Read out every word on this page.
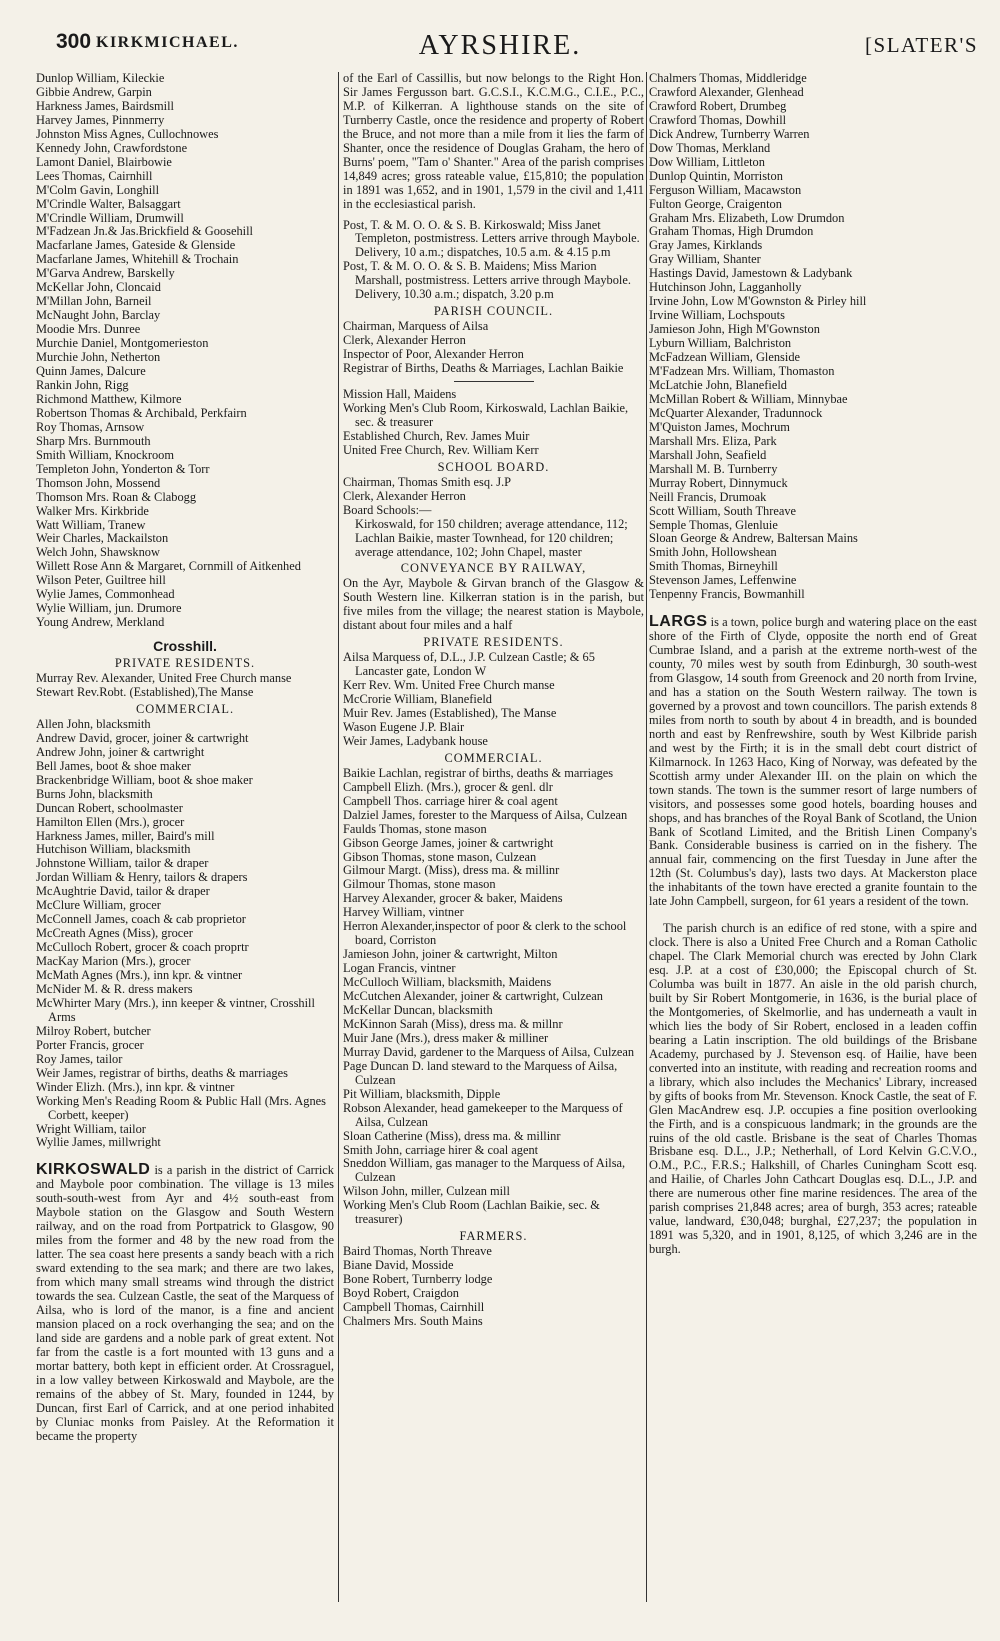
300 KIRKMICHAEL.	AYRSHIRE.	[SLATER'S
Dunlop William, Kileckie
Gibbie Andrew, Garpin
Harkness James, Bairdsmill
Harvey James, Pinnmerry
Johnston Miss Agnes, Cullochnowes
Kennedy John, Crawfordstone
Lamont Daniel, Blairbowie
Lees Thomas, Cairnhill
M'Colm Gavin, Longhill
M'Crindle Walter, Balsaggart
M'Crindle William, Drumwill
M'Fadzean Jn.& Jas.Brickfield & Goosehill
Macfarlane James, Gateside & Glenside
Macfarlane James, Whitehill & Trochain
M'Garva Andrew, Barskelly
McKellar John, Cloncaid
M'Millan John, Barneil
McNaught John, Barclay
Moodie Mrs. Dunree
Murchie Daniel, Montgomerieston
Murchie John, Netherton
Quinn James, Dalcure
Rankin John, Rigg
Richmond Matthew, Kilmore
Robertson Thomas & Archibald, Perkfairn
Roy Thomas, Arnsow
Sharp Mrs. Burnmouth
Smith William, Knockroom
Templeton John, Yonderton & Torr
Thomson John, Mossend
Thomson Mrs. Roan & Clabogg
Walker Mrs. Kirkbride
Watt William, Tranew
Weir Charles, Mackailston
Welch John, Shawsknow
Willett Rose Ann & Margaret, Cornmill of Aitkenhed
Wilson Peter, Guiltree hill
Wylie James, Commonhead
Wylie William, jun. Drumore
Young Andrew, Merkland
Crosshill.
PRIVATE RESIDENTS.
Murray Rev. Alexander, United Free Church manse
Stewart Rev.Robt. (Established),The Manse
COMMERCIAL.
Allen John, blacksmith
Andrew David, grocer, joiner & cartwright
Andrew John, joiner & cartwright
Bell James, boot & shoe maker
Brackenbridge William, boot & shoe maker
Burns John, blacksmith
Duncan Robert, schoolmaster
Hamilton Ellen (Mrs.), grocer
Harkness James, miller, Baird's mill
Hutchison William, blacksmith
Johnstone William, tailor & draper
Jordan William & Henry, tailors & drapers
McAughtrie David, tailor & draper
McClure William, grocer
McConnell James, coach & cab proprietor
McCreath Agnes (Miss), grocer
McCulloch Robert, grocer & coach proprtr
MacKay Marion (Mrs.), grocer
McMath Agnes (Mrs.), inn kpr. & vintner
McNider M. & R. dress makers
McWhirter Mary (Mrs.), inn keeper & vintner, Crosshill Arms
Milroy Robert, butcher
Porter Francis, grocer
Roy James, tailor
Weir James, registrar of births, deaths & marriages
Winder Elizh. (Mrs.), inn kpr. & vintner
Working Men's Reading Room & Public Hall (Mrs. Agnes Corbett, keeper)
Wright William, tailor
Wyllie James, millwright

KIRKOSWALD is a parish in the district of Carrick and Maybole poor combination. The village is 13 miles south-south-west from Ayr and 4½ south-east from Maybole station on the Glasgow and South Western railway, and on the road from Portpatrick to Glasgow, 90 miles from the former and 48 by the new road from the latter. The sea coast here presents a sandy beach with a rich sward extending to the sea mark; and there are two lakes, from which many small streams wind through the district towards the sea. Culzean Castle, the seat of the Marquess of Ailsa, who is lord of the manor, is a fine and ancient mansion placed on a rock overhanging the sea; and on the land side are gardens and a noble park of great extent. Not far from the castle is a fort mounted with 13 guns and a mortar battery, both kept in efficient order. At Crossraguel, in a low valley between Kirkoswald and Maybole, are the remains of the abbey of St. Mary, founded in 1244, by Duncan, first Earl of Carrick, and at one period inhabited by Cluniac monks from Paisley. At the Reformation it became the property

of the Earl of Cassillis, but now belongs to the Right Hon. Sir James Fergusson bart. G.C.S.I., K.C.M.G., C.I.E., P.C., M.P. of Kilkerran. A lighthouse stands on the site of Turnberry Castle, once the residence and property of Robert the Bruce, and not more than a mile from it lies the farm of Shanter, once the residence of Douglas Graham, the hero of Burns' poem, "Tam o' Shanter." Area of the parish comprises 14,849 acres; gross rateable value, £15,810; the population in 1891 was 1,652, and in 1901, 1,579 in the civil and 1,411 in the ecclesiastical parish.

Post, T. & M. O. O. & S. B. Kirkoswald; Miss Janet Templeton, postmistress. Letters arrive through Maybole. Delivery, 10 a.m.; dispatches, 10.5 a.m. & 4.15 p.m
Post, T. & M. O. O. & S. B. Maidens; Miss Marion Marshall, postmistress. Letters arrive through Maybole. Delivery, 10.30 a.m.; dispatch, 3.20 p.m
PARISH COUNCIL.
Chairman, Marquess of Ailsa
Clerk, Alexander Herron
Inspector of Poor, Alexander Herron
Registrar of Births, Deaths & Marriages, Lachlan Baikie
Mission Hall, Maidens
Working Men's Club Room, Kirkoswald, Lachlan Baikie, sec. & treasurer
Established Church, Rev. James Muir
United Free Church, Rev. William Kerr
SCHOOL BOARD.
Chairman, Thomas Smith esq. J.P
Clerk, Alexander Herron
Board Schools:—
Kirkoswald, for 150 children; average attendance, 112; Lachlan Baikie, master Townhead, for 120 children; average attendance, 102; John Chapel, master
CONVEYANCE BY RAILWAY,

On the Ayr, Maybole & Girvan branch of the Glasgow & South Western line. Kilkerran station is in the parish, but five miles from the village; the nearest station is Maybole, distant about four miles and a half

PRIVATE RESIDENTS.
Ailsa Marquess of, D.L., J.P. Culzean Castle; & 65 Lancaster gate, London W
Kerr Rev. Wm. United Free Church manse
McCrorie William, Blanefield
Muir Rev. James (Established), The Manse
Wason Eugene J.P. Blair
Weir James, Ladybank house
COMMERCIAL.
Baikie Lachlan, registrar of births, deaths & marriages
Campbell Elizh. (Mrs.), grocer & genl. dlr
Campbell Thos. carriage hirer & coal agent
Dalziel James, forester to the Marquess of Ailsa, Culzean
Faulds Thomas, stone mason
Gibson George James, joiner & cartwright
Gibson Thomas, stone mason, Culzean
Gilmour Margt. (Miss), dress ma. & millinr
Gilmour Thomas, stone mason
Harvey Alexander, grocer & baker, Maidens
Harvey William, vintner
Herron Alexander,inspector of poor & clerk to the school board, Corriston
Jamieson John, joiner & cartwright, Milton
Logan Francis, vintner
McCulloch William, blacksmith, Maidens
McCutchen Alexander, joiner & cartwright, Culzean
McKellar Duncan, blacksmith
McKinnon Sarah (Miss), dress ma. & millnr
Muir Jane (Mrs.), dress maker & milliner
Murray David, gardener to the Marquess of Ailsa, Culzean
Page Duncan D. land steward to the Marquess of Ailsa, Culzean
Pit William, blacksmith, Dipple
Robson Alexander, head gamekeeper to the Marquess of Ailsa, Culzean
Sloan Catherine (Miss), dress ma. & millinr
Smith John, carriage hirer & coal agent
Sneddon William, gas manager to the Marquess of Ailsa, Culzean
Wilson John, miller, Culzean mill
Working Men's Club Room (Lachlan Baikie, sec. & treasurer)
FARMERS.
Baird Thomas, North Threave
Biane David, Mosside
Bone Robert, Turnberry lodge
Boyd Robert, Craigdon
Campbell Thomas, Cairnhill
Chalmers Mrs. South Mains
Chalmers Thomas, Middleridge
Crawford Alexander, Glenhead
Crawford Robert, Drumbeg
Crawford Thomas, Dowhill
Dick Andrew, Turnberry Warren
Dow Thomas, Merkland
Dow William, Littleton
Dunlop Quintin, Morriston
Ferguson William, Macawston
Fulton George, Craigenton
Graham Mrs. Elizabeth, Low Drumdon
Graham Thomas, High Drumdon
Gray James, Kirklands
Gray William, Shanter
Hastings David, Jamestown & Ladybank
Hutchinson John, Lagganholly
Irvine John, Low M'Gownston & Pirley hill
Irvine William, Lochspouts
Jamieson John, High M'Gownston
Lyburn William, Balchriston
McFadzean William, Glenside
M'Fadzean Mrs. William, Thomaston
McLatchie John, Blanefield
McMillan Robert & William, Minnybae
McQuarter Alexander, Tradunnock
M'Quiston James, Mochrum
Marshall Mrs. Eliza, Park
Marshall John, Seafield
Marshall M. B. Turnberry
Murray Robert, Dinnymuck
Neill Francis, Drumoak
Scott William, South Threave
Semple Thomas, Glenluie
Sloan George & Andrew, Baltersan Mains
Smith John, Hollowshean
Smith Thomas, Birneyhill
Stevenson James, Leffenwine
Tenpenny Francis, Bowmanhill

LARGS is a town, police burgh and watering place on the east shore of the Firth of Clyde, opposite the north end of Great Cumbrae Island, and a parish at the extreme north-west of the county, 70 miles west by south from Edinburgh, 30 south-west from Glasgow, 14 south from Greenock and 20 north from Irvine, and has a station on the South Western railway. The town is governed by a provost and town councillors. The parish extends 8 miles from north to south by about 4 in breadth, and is bounded north and east by Renfrewshire, south by West Kilbride parish and west by the Firth; it is in the small debt court district of Kilmarnock. In 1263 Haco, King of Norway, was defeated by the Scottish army under Alexander III. on the plain on which the town stands. The town is the summer resort of large numbers of visitors, and possesses some good hotels, boarding houses and shops, and has branches of the Royal Bank of Scotland, the Union Bank of Scotland Limited, and the British Linen Company's Bank. Considerable business is carried on in the fishery. The annual fair, commencing on the first Tuesday in June after the 12th (St. Columbus's day), lasts two days. At Mackerston place the inhabitants of the town have erected a granite fountain to the late John Campbell, surgeon, for 61 years a resident of the town.

The parish church is an edifice of red stone, with a spire and clock. There is also a United Free Church and a Roman Catholic chapel. The Clark Memorial church was erected by John Clark esq. J.P. at a cost of £30,000; the Episcopal church of St. Columba was built in 1877. An aisle in the old parish church, built by Sir Robert Montgomerie, in 1636, is the burial place of the Montgomeries, of Skelmorlie, and has underneath a vault in which lies the body of Sir Robert, enclosed in a leaden coffin bearing a Latin inscription. The old buildings of the Brisbane Academy, purchased by J. Stevenson esq. of Hailie, have been converted into an institute, with reading and recreation rooms and a library, which also includes the Mechanics' Library, increased by gifts of books from Mr. Stevenson. Knock Castle, the seat of F. Glen MacAndrew esq. J.P. occupies a fine position overlooking the Firth, and is a conspicuous landmark; in the grounds are the ruins of the old castle. Brisbane is the seat of Charles Thomas Brisbane esq. D.L., J.P.; Netherhall, of Lord Kelvin G.C.V.O., O.M., P.C., F.R.S.; Halkshill, of Charles Cuningham Scott esq. and Hailie, of Charles John Cathcart Douglas esq. D.L., J.P. and there are numerous other fine marine residences. The area of the parish comprises 21,848 acres; area of burgh, 353 acres; rateable value, landward, £30,048; burghal, £27,237; the population in 1891 was 5,320, and in 1901, 8,125, of which 3,246 are in the burgh.
